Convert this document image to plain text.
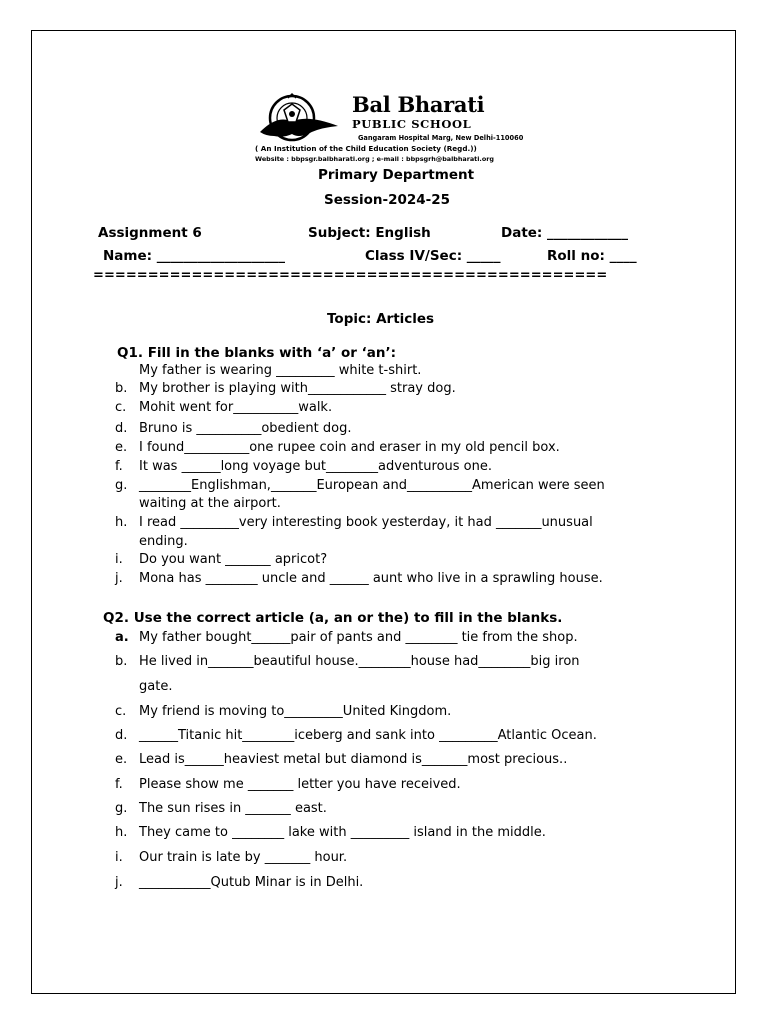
Bal Bharati
PUBLIC SCHOOL
Gangaram Hospital Marg, New Delhi-110060
( An Institution of the Child Education Society (Regd.))
Website : bbpsgr.balbharati.org ; e-mail : bbpsgrh@balbharati.org
Primary Department
Session-2024-25
Assignment 6	Subject: English	Date: ____________
Name: ___________________	Class IV/Sec: _____	Roll no: ____
===============================================
Topic: Articles
Q1. Fill in the blanks with ‘a’ or ‘an’:
My father is wearing _________ white t-shirt.
b. My brother is playing with____________ stray dog.
c. Mohit went for__________walk.
d. Bruno is __________obedient dog.
e. I found__________one rupee coin and eraser in my old pencil box.
f. It was ______long voyage but________adventurous one.
g. ________Englishman,_______European and__________American were seen
waiting at the airport.
h. I read _________very interesting book yesterday, it had _______unusual
ending.
i. Do you want _______ apricot?
j. Mona has ________ uncle and ______ aunt who live in a sprawling house.
Q2. Use the correct article (a, an or the) to fill in the blanks.
a. My father bought______pair of pants and ________ tie from the shop.
b. He lived in_______beautiful house.________house had________big iron
gate.
c. My friend is moving to_________United Kingdom.
d. ______Titanic hit________iceberg and sank into _________Atlantic Ocean.
e. Lead is______heaviest metal but diamond is_______most precious..
f. Please show me _______ letter you have received.
g. The sun rises in _______ east.
h. They came to ________ lake with _________ island in the middle.
i. Our train is late by _______ hour.
j. ___________Qutub Minar is in Delhi.
